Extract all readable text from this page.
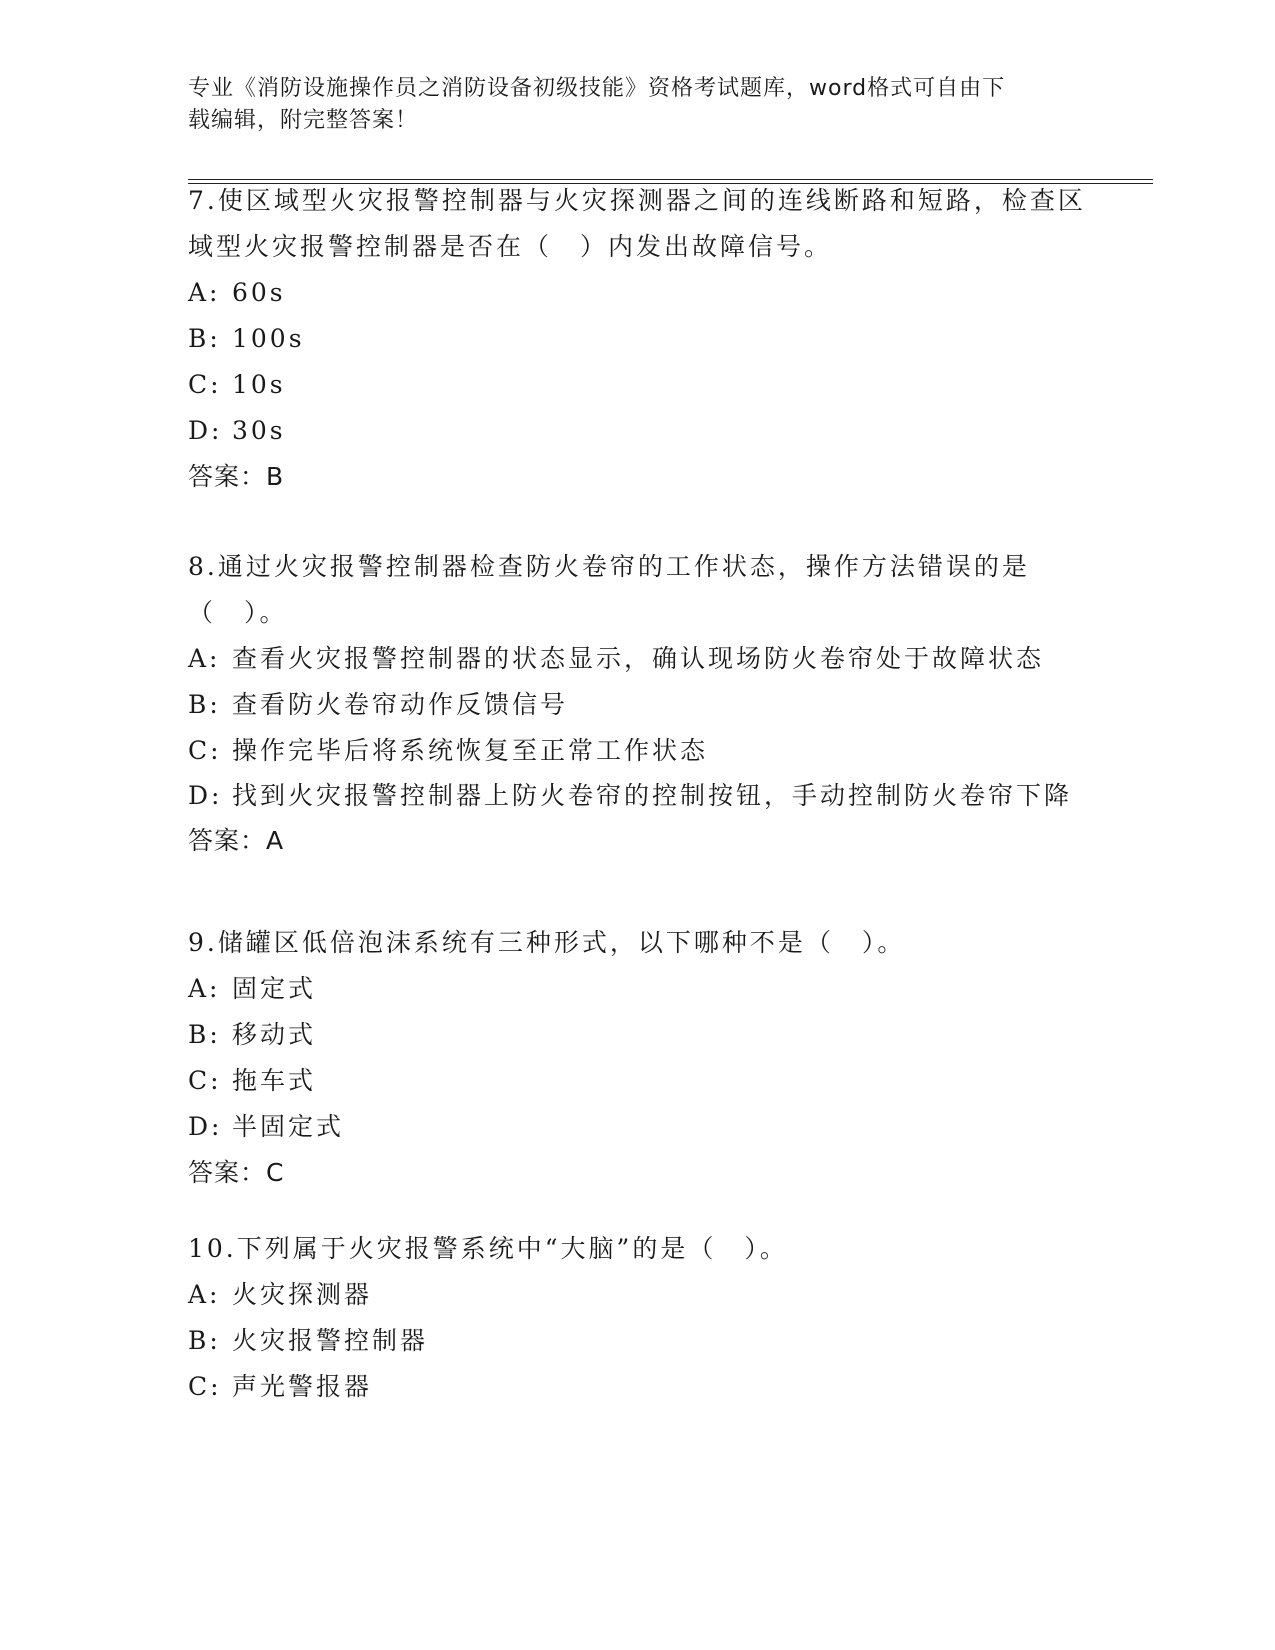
专业《消防设施操作员之消防设备初级技能》资格考试题库，word格式可自由下
载编辑，附完整答案！
7.使区域型火灾报警控制器与火灾探测器之间的连线断路和短路，检查区域型火灾报警控制器是否在（　）内发出故障信号。
A: 60s
B: 100s
C: 10s
D: 30s
答案：B
8.通过火灾报警控制器检查防火卷帘的工作状态，操作方法错误的是（　）。
A: 查看火灾报警控制器的状态显示，确认现场防火卷帘处于故障状态
B: 查看防火卷帘动作反馈信号
C: 操作完毕后将系统恢复至正常工作状态
D: 找到火灾报警控制器上防火卷帘的控制按钮，手动控制防火卷帘下降
答案：A
9.储罐区低倍泡沫系统有三种形式，以下哪种不是（　）。
A: 固定式
B: 移动式
C: 拖车式
D: 半固定式
答案：C
10.下列属于火灾报警系统中“大脑”的是（　）。
A: 火灾探测器
B: 火灾报警控制器
C: 声光警报器
